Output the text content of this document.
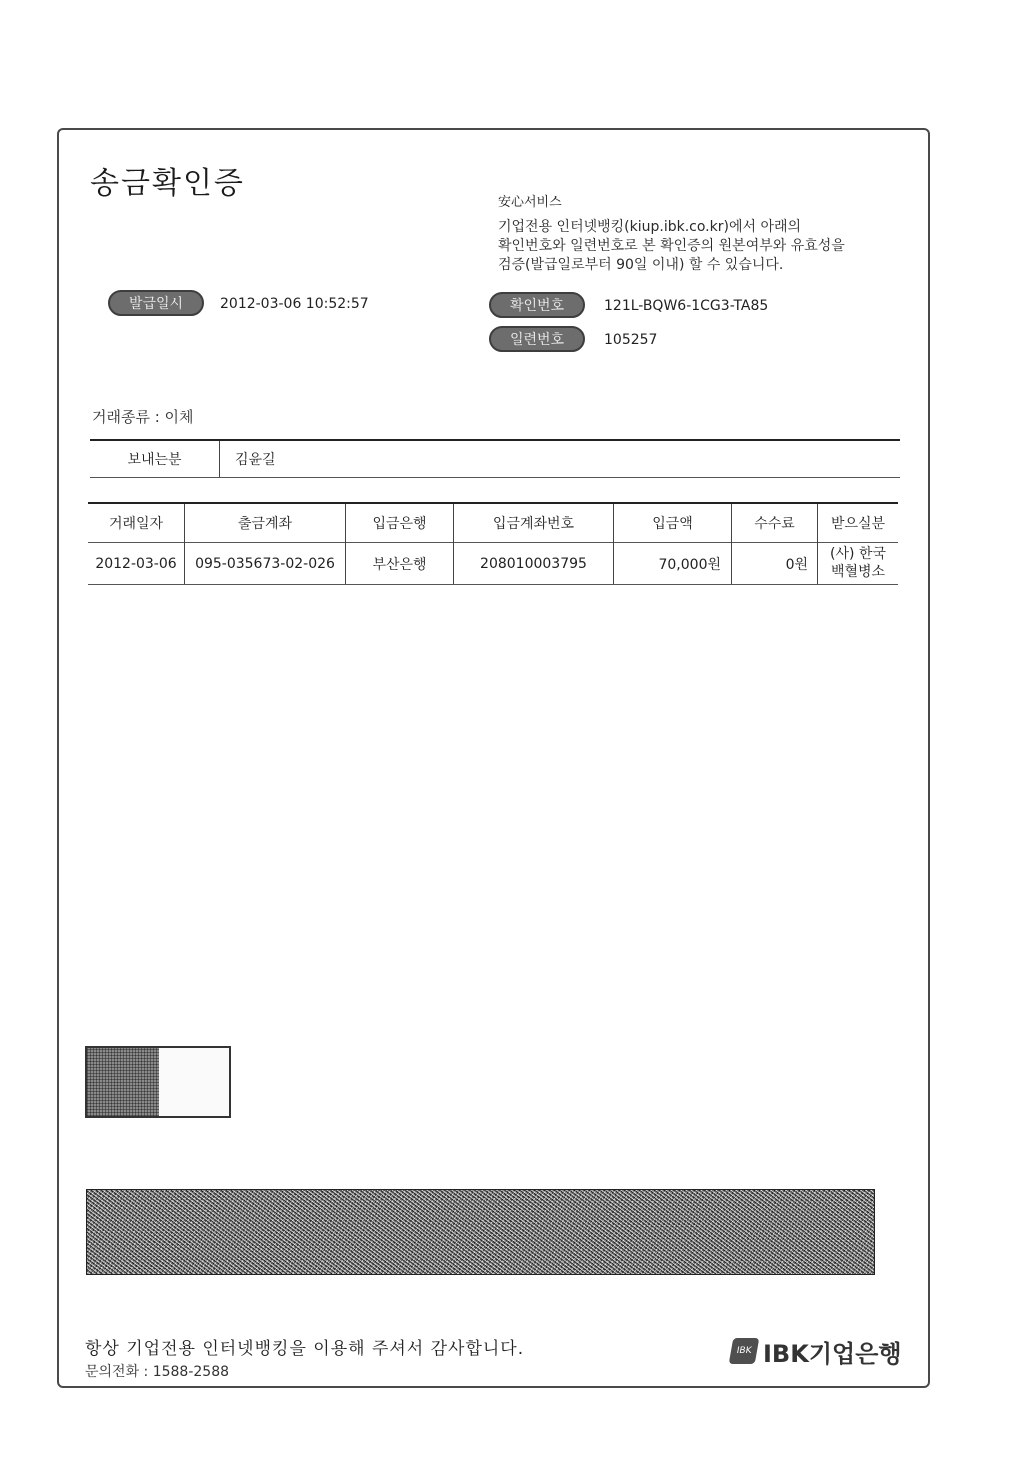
송금확인증
安心서비스
기업전용 인터넷뱅킹(kiup.ibk.co.kr)에서 아래의
확인번호와 일련번호로 본 확인증의 원본여부와 유효성을
검증(발급일로부터 90일 이내) 할 수 있습니다.
발급일시	2012-03-06 10:52:57	확인번호	121L-BQW6-1CG3-TA85
일련번호	105257
거래종류 : 이체
보내는분	김윤길
거래일자	출금계좌	입금은행	입금계좌번호	입금액	수수료	받으실분
2012-03-06	095-035673-02-026	부산은행	208010003795	70,000원	0원
(사) 한국
백혈병소
항상 기업전용 인터넷뱅킹을 이용해 주셔서 감사합니다.
문의전화 : 1588-2588
IBK IBK기업은행
